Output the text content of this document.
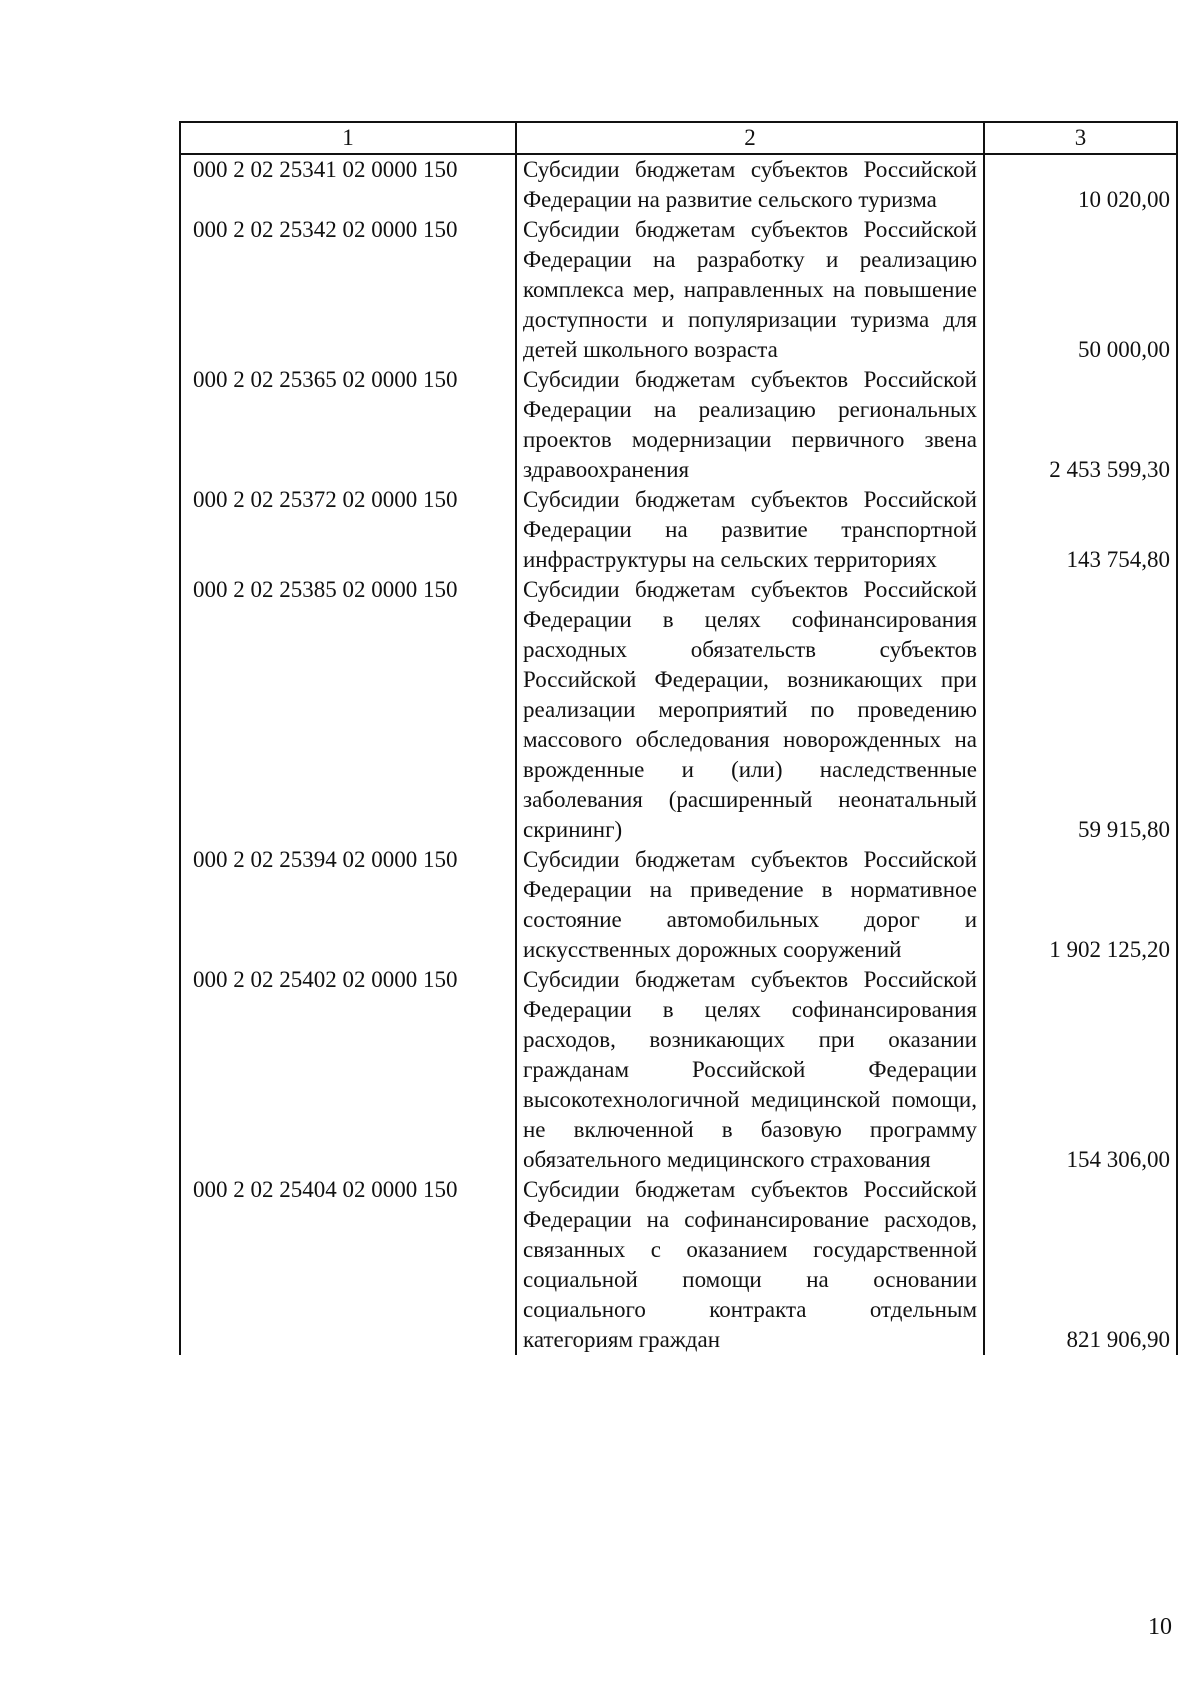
1	2	3
000 2 02 25341 02 0000 150	Субсидии бюджетам субъектов Российской Федерации на развитие сельского туризма	10 020,00
000 2 02 25342 02 0000 150	Субсидии бюджетам субъектов Российской Федерации на разработку и реализацию комплекса мер, направленных на повышение доступности и популяризации туризма для детей школьного возраста	50 000,00
000 2 02 25365 02 0000 150	Субсидии бюджетам субъектов Российской Федерации на реализацию региональных проектов модернизации первичного звена здравоохранения	2 453 599,30
000 2 02 25372 02 0000 150	Субсидии бюджетам субъектов Российской Федерации на развитие транспортной инфраструктуры на сельских территориях	143 754,80
000 2 02 25385 02 0000 150	Субсидии бюджетам субъектов Российской Федерации в целях софинансирования расходных обязательств субъектов Российской Федерации, возникающих при реализации мероприятий по проведению массового обследования новорожденных на врожденные и (или) наследственные заболевания (расширенный неонатальный скрининг)	59 915,80
000 2 02 25394 02 0000 150	Субсидии бюджетам субъектов Российской Федерации на приведение в нормативное состояние автомобильных дорог и искусственных дорожных сооружений	1 902 125,20
000 2 02 25402 02 0000 150	Субсидии бюджетам субъектов Российской Федерации в целях софинансирования расходов, возникающих при оказании гражданам Российской Федерации высокотехнологичной медицинской помощи, не включенной в базовую программу обязательного медицинского страхования	154 306,00
000 2 02 25404 02 0000 150	Субсидии бюджетам субъектов Российской Федерации на софинансирование расходов, связанных с оказанием государственной социальной помощи на основании социального контракта отдельным категориям граждан	821 906,90
10
